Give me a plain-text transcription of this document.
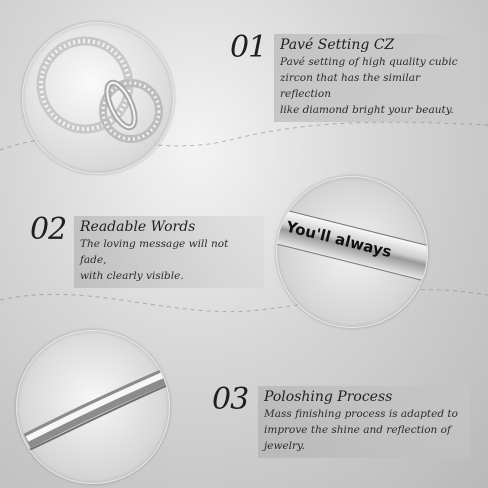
You'll always
01 Pavé Setting CZ
Pavé setting of high quality cubic
zircon that has the similar reflection
like diamond bright your beauty.
02 Readable Words
The loving message will not fade,
with clearly visible.
03 Poloshing Process
Mass finishing process is adapted to
improve the shine and reflection of
jewelry.
